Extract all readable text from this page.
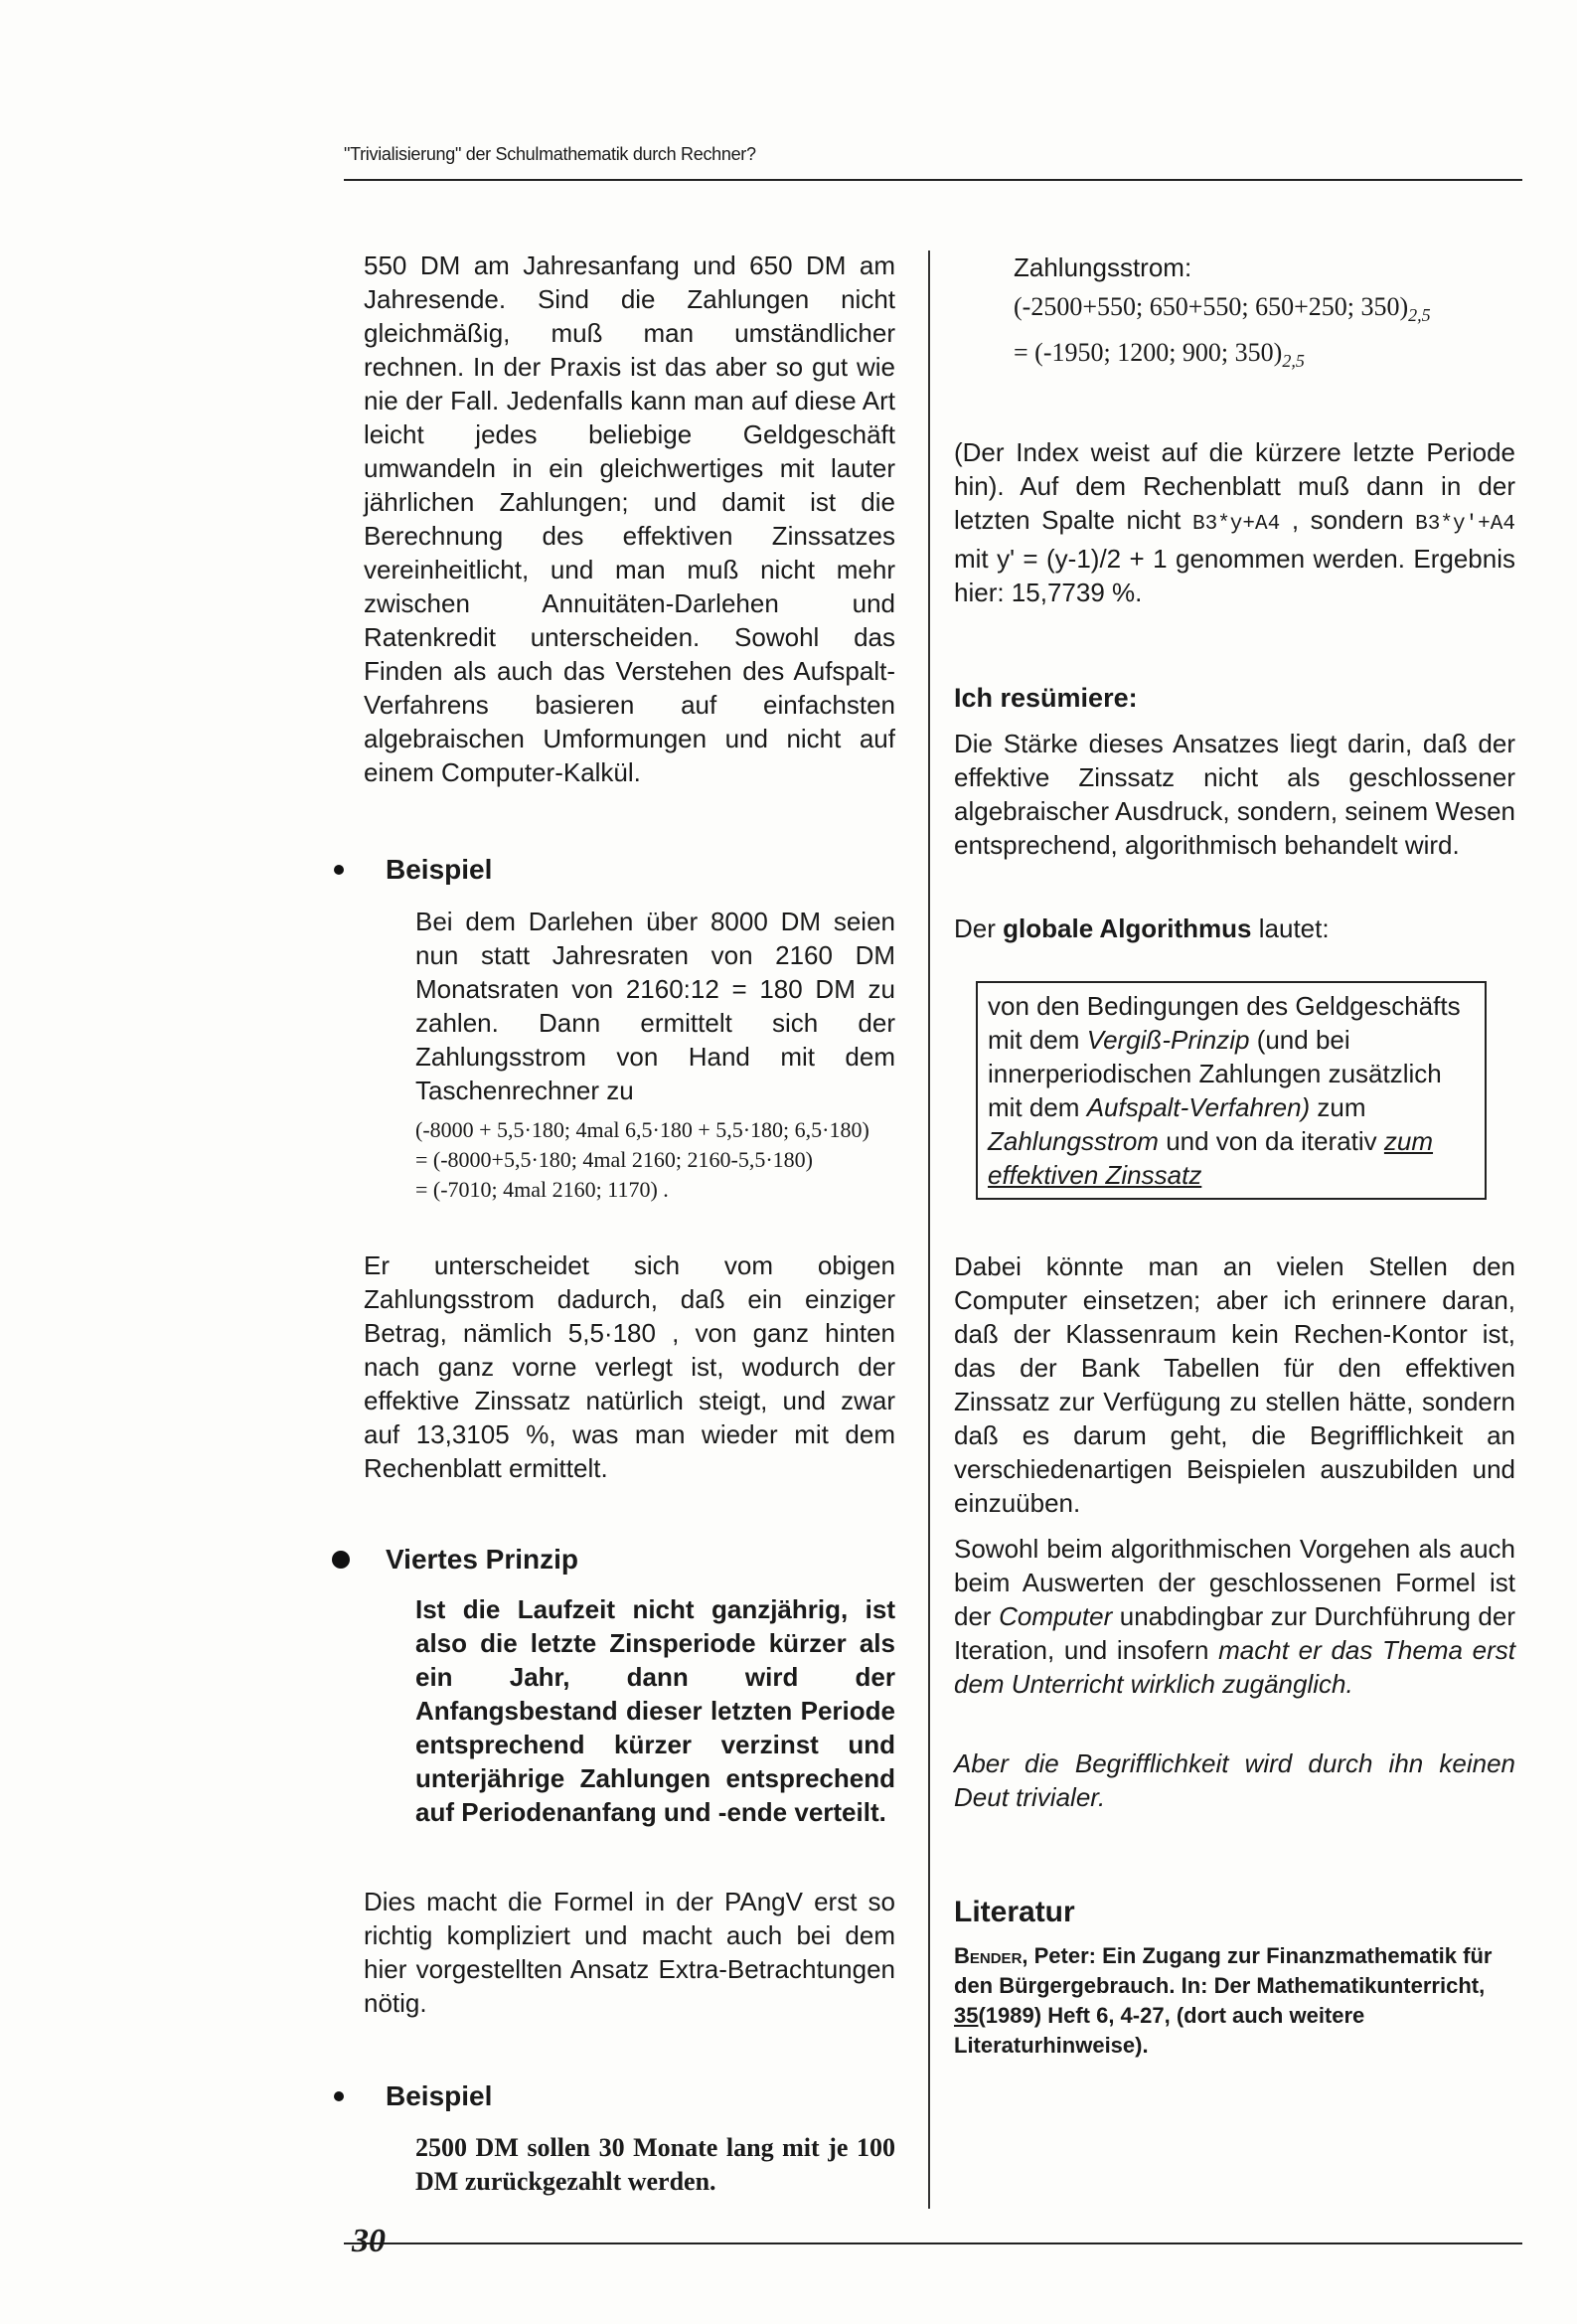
"Trivialisierung" der Schulmathematik durch Rechner?

550 DM am Jahresanfang und 650 DM am Jahresende. Sind die Zahlungen nicht gleichmäßig, muß man umständlicher rechnen. In der Praxis ist das aber so gut wie nie der Fall. Jedenfalls kann man auf diese Art leicht jedes beliebige Geldgeschäft umwandeln in ein gleichwertiges mit lauter jährlichen Zahlungen; und damit ist die Berechnung des effektiven Zinssatzes vereinheitlicht, und man muß nicht mehr zwischen Annuitäten-Darlehen und Ratenkredit unterscheiden. Sowohl das Finden als auch das Verstehen des Aufspalt-Verfahrens basieren auf einfachsten algebraischen Umformungen und nicht auf einem Computer-Kalkül.

Beispiel

Bei dem Darlehen über 8000 DM seien nun statt Jahresraten von 2160 DM Monatsraten von 2160:12 = 180 DM zu zahlen. Dann ermittelt sich der Zahlungsstrom von Hand mit dem Taschenrechner zu

(-8000 + 5,5·180; 4mal 6,5·180 + 5,5·180; 6,5·180)
= (-8000+5,5·180; 4mal 2160; 2160-5,5·180)
= (-7010; 4mal 2160; 1170) .

Er unterscheidet sich vom obigen Zahlungsstrom dadurch, daß ein einziger Betrag, nämlich 5,5·180 , von ganz hinten nach ganz vorne verlegt ist, wodurch der effektive Zinssatz natürlich steigt, und zwar auf 13,3105 %, was man wieder mit dem Rechenblatt ermittelt.

Viertes Prinzip

Ist die Laufzeit nicht ganzjährig, ist also die letzte Zinsperiode kürzer als ein Jahr, dann wird der Anfangsbestand dieser letzten Periode entsprechend kürzer verzinst und unterjährige Zahlungen entsprechend auf Periodenanfang und -ende verteilt.

Dies macht die Formel in der PAngV erst so richtig kompliziert und macht auch bei dem hier vorgestellten Ansatz Extra-Betrachtungen nötig.

Beispiel

2500 DM sollen 30 Monate lang mit je 100 DM zurückgezahlt werden.

Zahlungsstrom:
(-2500+550; 650+550; 650+250; $350)_{2,5}$
= (-1950; 1200; 900; $350)_{2,5}$

(Der Index weist auf die kürzere letzte Periode hin). Auf dem Rechenblatt muß dann in der letzten Spalte nicht B3*y+A4 , sondern B3*y'+A4 mit y' = (y-1)/2 + 1 genommen werden. Ergebnis hier: 15,7739 %.

Ich resümiere:

Die Stärke dieses Ansatzes liegt darin, daß der effektive Zinssatz nicht als geschlossener algebraischer Ausdruck, sondern, seinem Wesen entsprechend, algorithmisch behandelt wird.

Der globale Algorithmus lautet:

von den Bedingungen des Geldgeschäfts mit dem Vergiß-Prinzip (und bei innerperiodischen Zahlungen zusätzlich mit dem Aufspalt-Verfahren) zum Zahlungsstrom und von da iterativ zum effektiven Zinssatz

Dabei könnte man an vielen Stellen den Computer einsetzen; aber ich erinnere daran, daß der Klassenraum kein Rechen-Kontor ist, das der Bank Tabellen für den effektiven Zinssatz zur Verfügung zu stellen hätte, sondern daß es darum geht, die Begrifflichkeit an verschiedenartigen Beispielen auszubilden und einzuüben.

Sowohl beim algorithmischen Vorgehen als auch beim Auswerten der geschlossenen Formel ist der Computer unabdingbar zur Durchführung der Iteration, und insofern macht er das Thema erst dem Unterricht wirklich zugänglich.

Aber die Begrifflichkeit wird durch ihn keinen Deut trivialer.

Literatur
Bender, Peter: Ein Zugang zur Finanzmathematik für den Bürgergebrauch. In: Der Mathematikunterricht, 35(1989) Heft 6, 4-27, (dort auch weitere Literaturhinweise).
30
